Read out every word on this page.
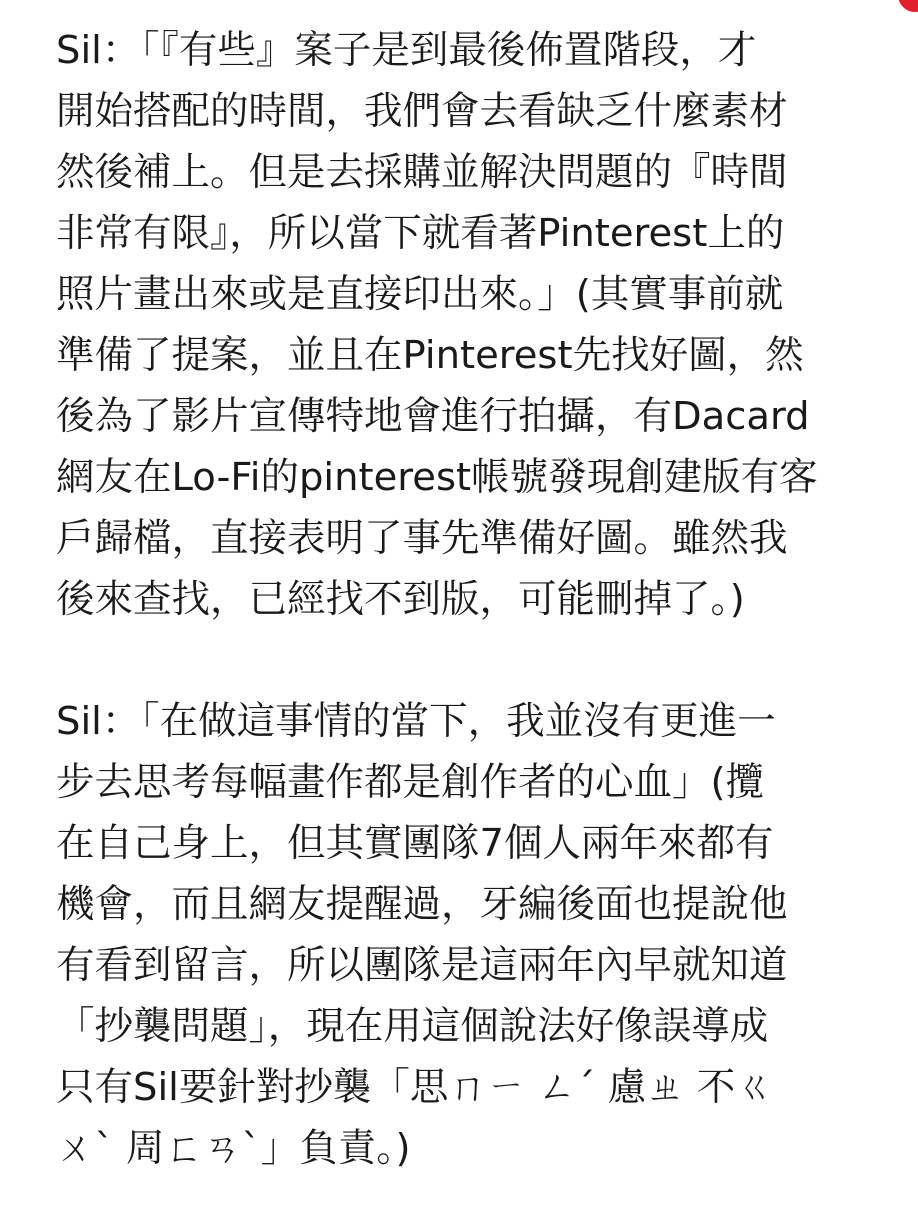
Sil：「『有些』案子是到最後佈置階段，才
開始搭配的時間，我們會去看缺乏什麼素材
然後補上。但是去採購並解決問題的『時間
非常有限』，所以當下就看著Pinterest上的
照片畫出來或是直接印出來。」(其實事前就
準備了提案，並且在Pinterest先找好圖，然
後為了影片宣傳特地會進行拍攝，有Dacard
網友在Lo-Fi的pinterest帳號發現創建版有客
戶歸檔，直接表明了事先準備好圖。雖然我
後來查找，已經找不到版，可能刪掉了。)
Sil：「在做這事情的當下，我並沒有更進一
步去思考每幅畫作都是創作者的心血」(攬
在自己身上，但其實團隊7個人兩年來都有
機會，而且網友提醒過，牙編後面也提說他
有看到留言，所以團隊是這兩年內早就知道
「抄襲問題」，現在用這個說法好像誤導成
只有Sil要針對抄襲「思ㄇㄧ ㄥˊ 慮ㄓ 不ㄍ
ㄨˋ 周ㄈㄢˋ」負責。)
